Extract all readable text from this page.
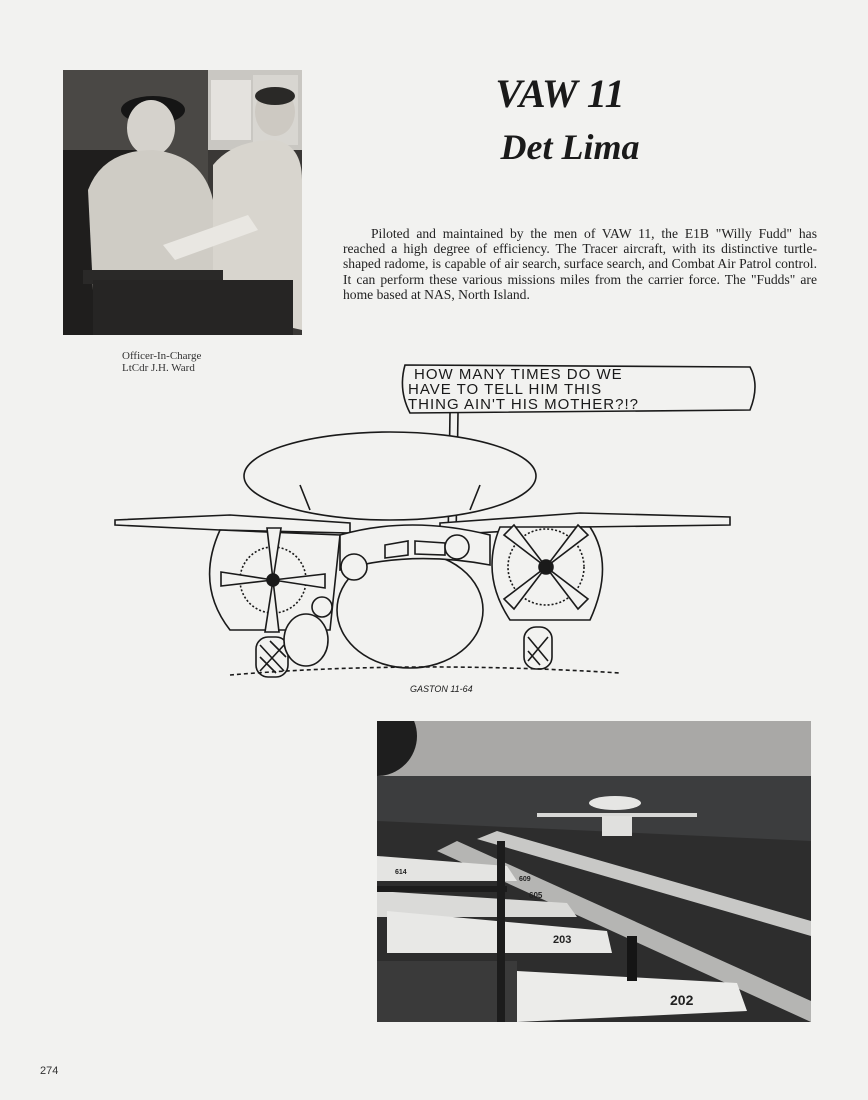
Officer-In-Charge
LtCdr J.H. Ward
VAW 11
Det Lima
Piloted and maintained by the men of VAW 11, the E1B "Willy Fudd" has reached a high degree of efficiency. The Tracer aircraft, with its distinctive turtle-shaped radome, is capable of air search, surface search, and Combat Air Patrol control. It can perform these various missions miles from the carrier force. The "Fudds" are home based at NAS, North Island.
HOW MANY TIMES DO WE
HAVE TO TELL HIM THIS
THING AIN'T HIS MOTHER?!?
GASTON 11-64
614
609
605
203
202
274
